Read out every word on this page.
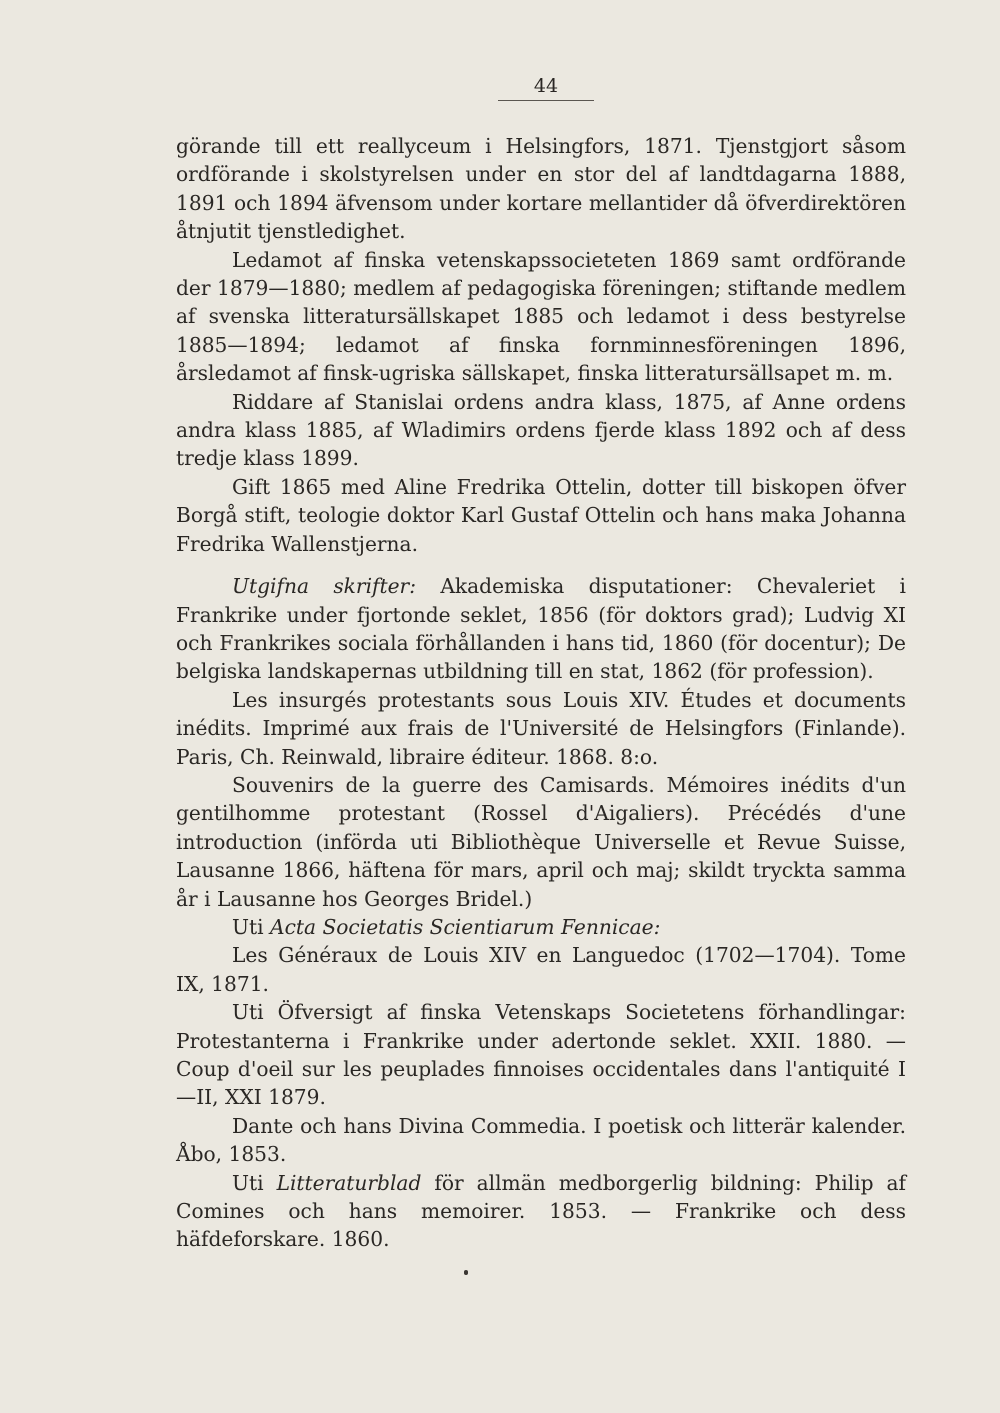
44

görande till ett reallyceum i Helsingfors, 1871. Tjenstgjort såsom ordförande i skolstyrelsen under en stor del af landtdagarna 1888, 1891 och 1894 äfvensom under kortare mellantider då öfverdirektören åtnjutit tjenstledighet.

Ledamot af finska vetenskapssocieteten 1869 samt ordförande der 1879—1880; medlem af pedagogiska föreningen; stiftande medlem af svenska litteratursällskapet 1885 och ledamot i dess bestyrelse 1885—1894; ledamot af finska fornminnesföreningen 1896, årsledamot af finsk-ugriska sällskapet, finska litteratursällsapet m. m.

Riddare af Stanislai ordens andra klass, 1875, af Anne ordens andra klass 1885, af Wladimirs ordens fjerde klass 1892 och af dess tredje klass 1899.

Gift 1865 med Aline Fredrika Ottelin, dotter till biskopen öfver Borgå stift, teologie doktor Karl Gustaf Ottelin och hans maka Johanna Fredrika Wallenstjerna.

Utgifna skrifter: Akademiska disputationer: Chevaleriet i Frankrike under fjortonde seklet, 1856 (för doktors grad); Ludvig XI och Frankrikes sociala förhållanden i hans tid, 1860 (för docentur); De belgiska landskapernas utbildning till en stat, 1862 (för profession).

Les insurgés protestants sous Louis XIV. Études et documents inédits. Imprimé aux frais de l'Université de Helsingfors (Finlande). Paris, Ch. Reinwald, libraire éditeur. 1868. 8:o.

Souvenirs de la guerre des Camisards. Mémoires inédits d'un gentilhomme protestant (Rossel d'Aigaliers). Précédés d'une introduction (införda uti Bibliothèque Universelle et Revue Suisse, Lausanne 1866, häftena för mars, april och maj; skildt tryckta samma år i Lausanne hos Georges Bridel.)

Uti Acta Societatis Scientiarum Fennicae:

Les Généraux de Louis XIV en Languedoc (1702—1704). Tome IX, 1871.

Uti Öfversigt af finska Vetenskaps Societetens förhandlingar: Protestanterna i Frankrike under adertonde seklet. XXII. 1880. — Coup d'oeil sur les peuplades finnoises occidentales dans l'antiquité I—II, XXI 1879.

Dante och hans Divina Commedia. I poetisk och litterär kalender. Åbo, 1853.

Uti Litteraturblad för allmän medborgerlig bildning: Philip af Comines och hans memoirer. 1853. — Frankrike och dess häfdeforskare. 1860.
